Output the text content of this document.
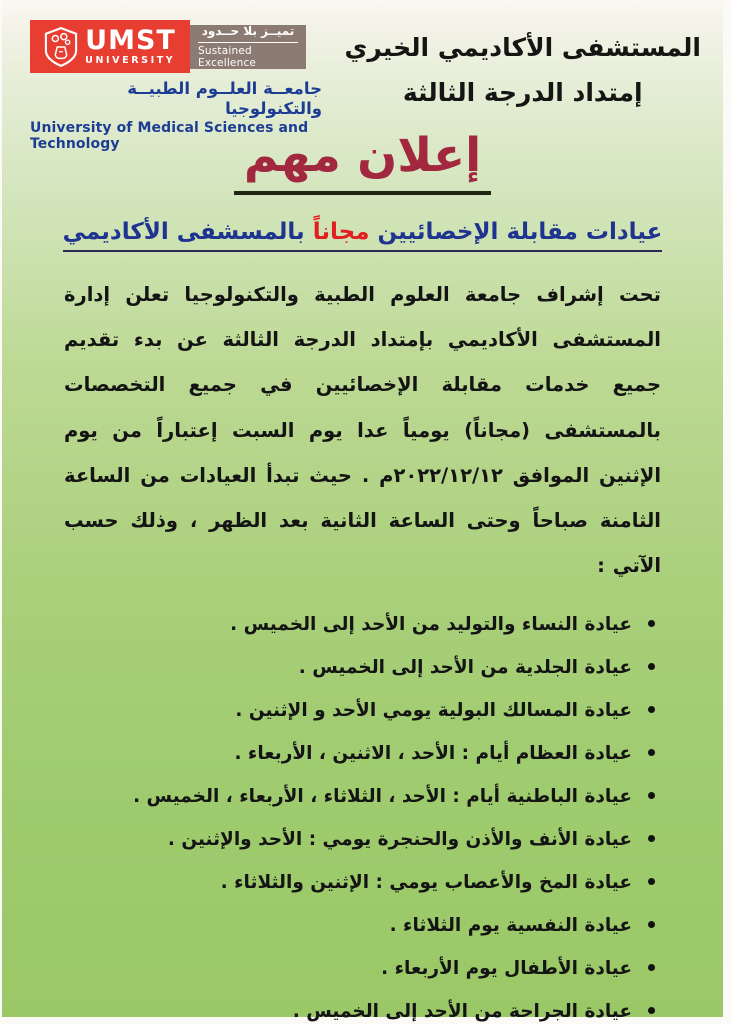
UMST
UNIVERSITY
تميــز بلا حــدود
Sustained Excellence
جامعــة العلــوم الطبيــة والتكنولوجيا
University of Medical Sciences and Technology
المستشفى الأكاديمي الخيري
إمتداد الدرجة الثالثة
إعلان مهم
عيادات مقابلة الإخصائيين مجاناً بالمسشفى الأكاديمي

تحت إشراف جامعة العلوم الطبية والتكنولوجيا تعلن إدارة المستشفى الأكاديمي بإمتداد الدرجة الثالثة عن بدء تقديم جميع خدمات مقابلة الإخصائيين في جميع التخصصات بالمستشفى (مجاناً) يومياً عدا يوم السبت إعتباراً من يوم الإثنين الموافق ٢٠٢٢/١٢/١٢م . حيث تبدأ العيادات من الساعة الثامنة صباحاً وحتى الساعة الثانية بعد الظهر ، وذلك حسب الآتي :

عيادة النساء والتوليد من الأحد إلى الخميس .
عيادة الجلدية من الأحد إلى الخميس .
عيادة المسالك البولية يومي الأحد و الإثنين .
عيادة العظام أيام : الأحد ، الاثنين ، الأربعاء .
عيادة الباطنية أيام : الأحد ، الثلاثاء ، الأربعاء ، الخميس .
عيادة الأنف والأذن والحنجرة يومي : الأحد والإثنين .
عيادة المخ والأعصاب يومي : الإثنين والثلاثاء .
عيادة النفسية يوم الثلاثاء .
عيادة الأطفال يوم الأربعاء .
عيادة الجراحة من الأحد إلى الخميس .
